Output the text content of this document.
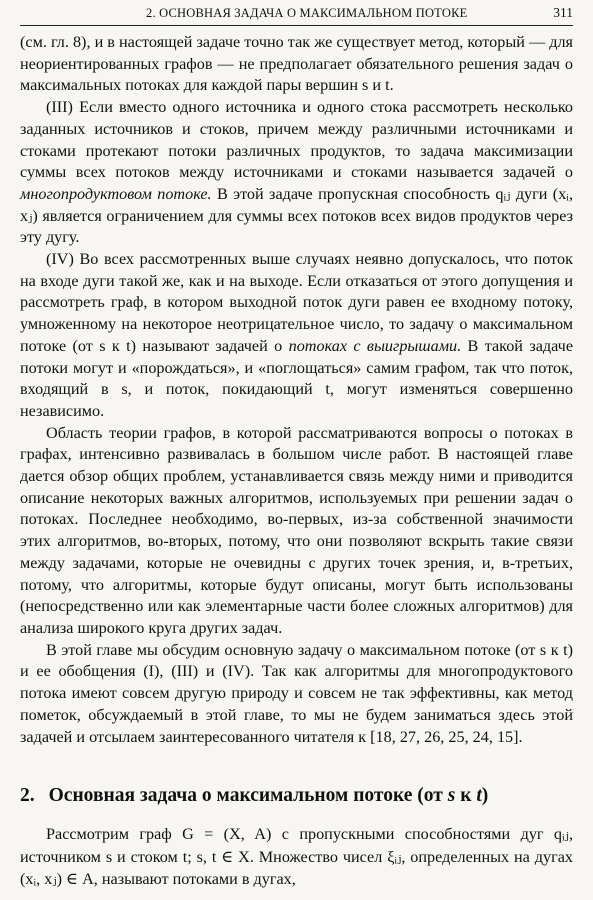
2. ОСНОВНАЯ ЗАДАЧА О МАКСИМАЛЬНОМ ПОТОКЕ	311

(см. гл. 8), и в настоящей задаче точно так же существует метод, который — для неориентированных графов — не предполагает обязательного решения задач о максимальных потоках для каждой пары вершин s и t.

(III) Если вместо одного источника и одного стока рассмотреть несколько заданных источников и стоков, причем между различными источниками и стоками протекают потоки различных продуктов, то задача максимизации суммы всех потоков между источниками и стоками называется задачей о многопродуктовом потоке. В этой задаче пропускная способность qᵢⱼ дуги (xᵢ, xⱼ) является ограничением для суммы всех потоков всех видов продуктов через эту дугу.

(IV) Во всех рассмотренных выше случаях неявно допускалось, что поток на входе дуги такой же, как и на выходе. Если отказаться от этого допущения и рассмотреть граф, в котором выходной поток дуги равен ее входному потоку, умноженному на некоторое неотрицательное число, то задачу о максимальном потоке (от s к t) называют задачей о потоках с выигрышами. В такой задаче потоки могут и «порождаться», и «поглощаться» самим графом, так что поток, входящий в s, и поток, покидающий t, могут изменяться совершенно независимо.

Область теории графов, в которой рассматриваются вопросы о потоках в графах, интенсивно развивалась в большом числе работ. В настоящей главе дается обзор общих проблем, устанавливается связь между ними и приводится описание некоторых важных алгоритмов, используемых при решении задач о потоках. Последнее необходимо, во-первых, из-за собственной значимости этих алгоритмов, во-вторых, потому, что они позволяют вскрыть такие связи между задачами, которые не очевидны с других точек зрения, и, в-третьих, потому, что алгоритмы, которые будут описаны, могут быть использованы (непосредственно или как элементарные части более сложных алгоритмов) для анализа широкого круга других задач.

В этой главе мы обсудим основную задачу о максимальном потоке (от s к t) и ее обобщения (I), (III) и (IV). Так как алгоритмы для многопродуктового потока имеют совсем другую природу и совсем не так эффективны, как метод пометок, обсуждаемый в этой главе, то мы не будем заниматься здесь этой задачей и отсылаем заинтересованного читателя к [18, 27, 26, 25, 24, 15].

2. Основная задача о максимальном потоке (от s к t)

Рассмотрим граф G = (X, A) с пропускными способностями дуг qᵢⱼ, источником s и стоком t; s, t ∈ X. Множество чисел ξᵢⱼ, определенных на дугах (xᵢ, xⱼ) ∈ A, называют потоками в дугах,
